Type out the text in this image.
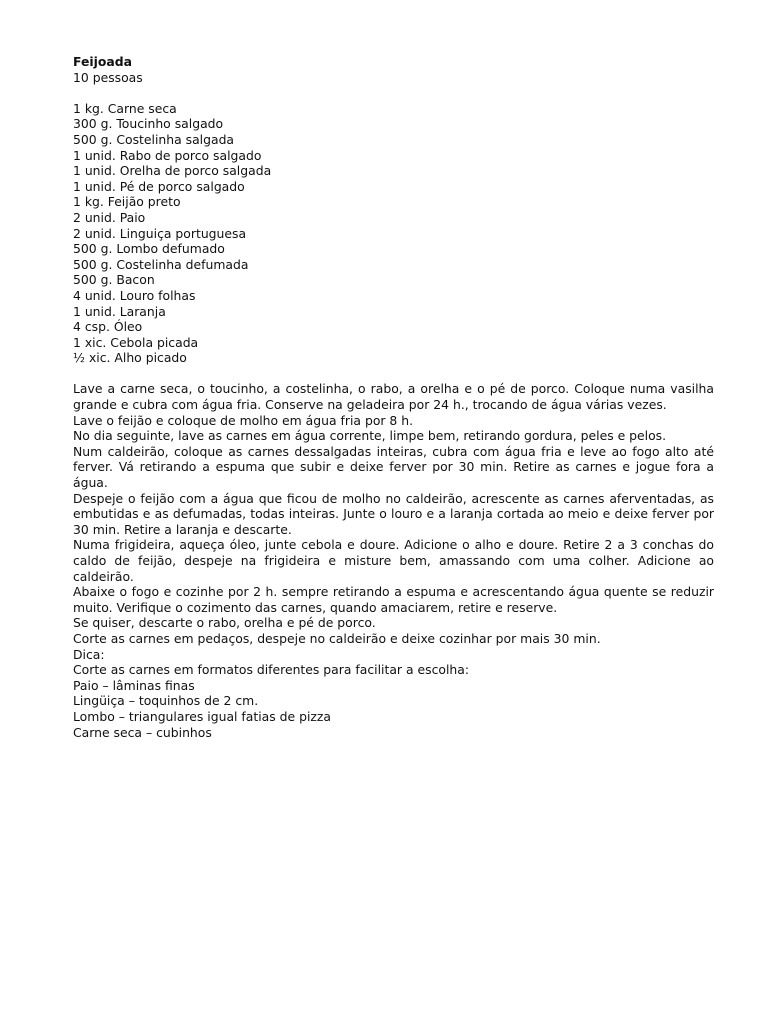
Feijoada

10 pessoas

1 kg. Carne seca
300 g. Toucinho salgado
500 g. Costelinha salgada
1 unid. Rabo de porco salgado
1 unid. Orelha de porco salgada
1 unid. Pé de porco salgado
1 kg. Feijão preto
2 unid. Paio
2 unid. Linguiça portuguesa
500 g. Lombo defumado
500 g. Costelinha defumada
500 g. Bacon
4 unid. Louro folhas
1 unid. Laranja
4 csp. Óleo
1 xic. Cebola picada
½ xic. Alho picado

Lave a carne seca, o toucinho, a costelinha, o rabo, a orelha e o pé de porco. Coloque numa vasilha grande e cubra com água fria. Conserve na geladeira por 24 h., trocando de água várias vezes.

Lave o feijão e coloque de molho em água fria por 8 h.

No dia seguinte, lave as carnes em água corrente, limpe bem, retirando gordura, peles e pelos.

Num caldeirão, coloque as carnes dessalgadas inteiras, cubra com água fria e leve ao fogo alto até ferver. Vá retirando a espuma que subir e deixe ferver por 30 min. Retire as carnes e jogue fora a água.

Despeje o feijão com a água que ficou de molho no caldeirão, acrescente as carnes aferventadas, as embutidas e as defumadas, todas inteiras. Junte o louro e a laranja cortada ao meio e deixe ferver por 30 min. Retire a laranja e descarte.

Numa frigideira, aqueça óleo, junte cebola e doure. Adicione o alho e doure. Retire 2 a 3 conchas do caldo de feijão, despeje na frigideira e misture bem, amassando com uma colher. Adicione ao caldeirão.

Abaixe o fogo e cozinhe por 2 h. sempre retirando a espuma e acrescentando água quente se reduzir muito. Verifique o cozimento das carnes, quando amaciarem, retire e reserve.

Se quiser, descarte o rabo, orelha e pé de porco.

Corte as carnes em pedaços, despeje no caldeirão e deixe cozinhar por mais 30 min.

Dica:

Corte as carnes em formatos diferentes para facilitar a escolha:

Paio – lâminas finas
Lingüiça – toquinhos de 2 cm.
Lombo – triangulares igual fatias de pizza
Carne seca – cubinhos
